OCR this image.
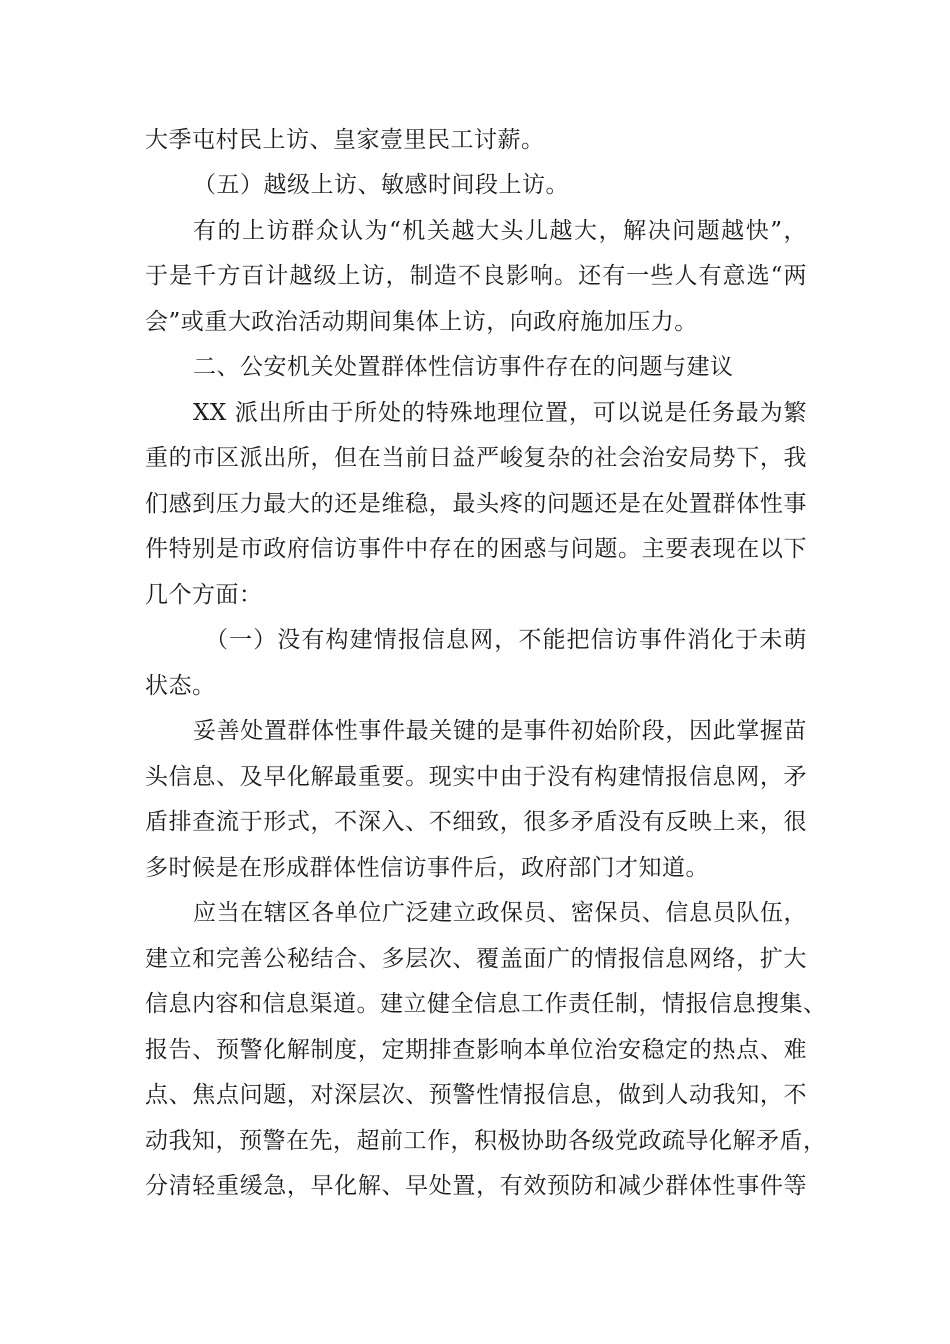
大季屯村民上访、皇家壹里民工讨薪。
（五）越级上访、敏感时间段上访。
有的上访群众认为“机关越大头儿越大，解决问题越快”，
于是千方百计越级上访，制造不良影响。还有一些人有意选“两
会”或重大政治活动期间集体上访，向政府施加压力。
二、公安机关处置群体性信访事件存在的问题与建议
XX 派出所由于所处的特殊地理位置，可以说是任务最为繁
重的市区派出所，但在当前日益严峻复杂的社会治安局势下，我
们感到压力最大的还是维稳，最头疼的问题还是在处置群体性事
件特别是市政府信访事件中存在的困惑与问题。主要表现在以下
几个方面：
（一）没有构建情报信息网，不能把信访事件消化于未萌
状态。
妥善处置群体性事件最关键的是事件初始阶段，因此掌握苗
头信息、及早化解最重要。现实中由于没有构建情报信息网，矛
盾排查流于形式，不深入、不细致，很多矛盾没有反映上来，很
多时候是在形成群体性信访事件后，政府部门才知道。
应当在辖区各单位广泛建立政保员、密保员、信息员队伍，
建立和完善公秘结合、多层次、覆盖面广的情报信息网络，扩大
信息内容和信息渠道。建立健全信息工作责任制，情报信息搜集、
报告、预警化解制度，定期排查影响本单位治安稳定的热点、难
点、焦点问题，对深层次、预警性情报信息，做到人动我知，不
动我知，预警在先，超前工作，积极协助各级党政疏导化解矛盾，
分清轻重缓急，早化解、早处置，有效预防和减少群体性事件等
